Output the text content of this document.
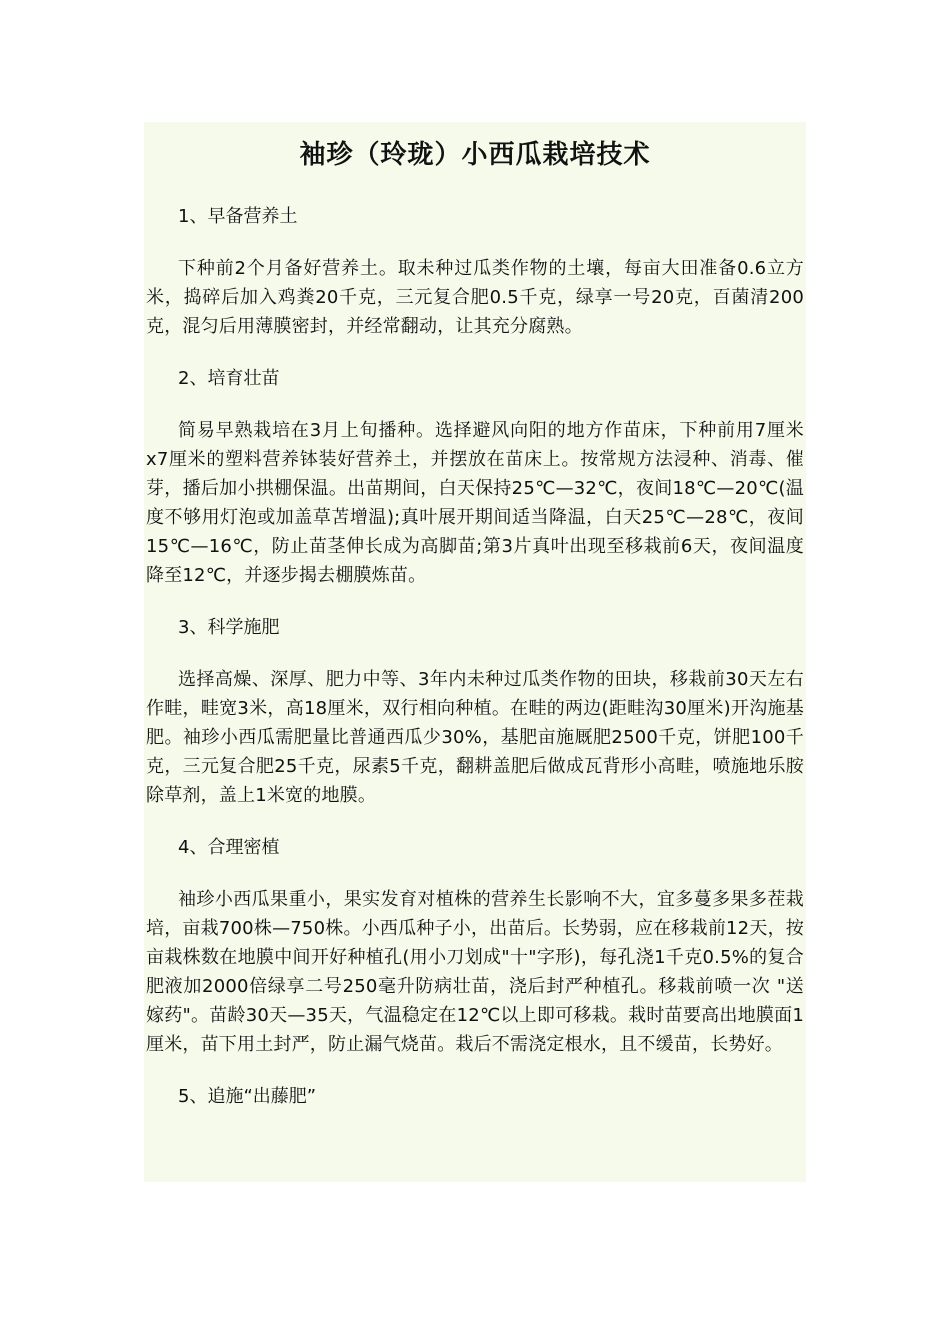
袖珍（玲珑）小西瓜栽培技术

1、早备营养土

下种前2个月备好营养土。取未种过瓜类作物的土壤，每亩大田准备0.6立方米，捣碎后加入鸡粪20千克，三元复合肥0.5千克，绿享一号20克，百菌清200克，混匀后用薄膜密封，并经常翻动，让其充分腐熟。

2、培育壮苗

简易早熟栽培在3月上旬播种。选择避风向阳的地方作苗床，下种前用7厘米x7厘米的塑料营养钵装好营养土，并摆放在苗床上。按常规方法浸种、消毒、催芽，播后加小拱棚保温。出苗期间，白天保持25℃—32℃，夜间18℃—20℃(温度不够用灯泡或加盖草苫增温);真叶展开期间适当降温，白天25℃—28℃，夜间15℃—16℃，防止苗茎伸长成为高脚苗;第3片真叶出现至移栽前6天，夜间温度降至12℃，并逐步揭去棚膜炼苗。

3、科学施肥

选择高燥、深厚、肥力中等、3年内未种过瓜类作物的田块，移栽前30天左右作畦，畦宽3米，高18厘米，双行相向种植。在畦的两边(距畦沟30厘米)开沟施基肥。袖珍小西瓜需肥量比普通西瓜少30%，基肥亩施厩肥2500千克，饼肥100千克，三元复合肥25千克，尿素5千克，翻耕盖肥后做成瓦背形小高畦，喷施地乐胺除草剂，盖上1米宽的地膜。

4、合理密植

袖珍小西瓜果重小，果实发育对植株的营养生长影响不大，宜多蔓多果多茬栽培，亩栽700株—750株。小西瓜种子小，出苗后。长势弱，应在移栽前12天，按亩栽株数在地膜中间开好种植孔(用小刀划成"十"字形)，每孔浇1千克0.5%的复合肥液加2000倍绿享二号250毫升防病壮苗，浇后封严种植孔。移栽前喷一次 "送嫁药"。苗龄30天—35天，气温稳定在12℃以上即可移栽。栽时苗要高出地膜面1厘米，苗下用土封严，防止漏气烧苗。栽后不需浇定根水，且不缓苗，长势好。

5、追施“出藤肥”
